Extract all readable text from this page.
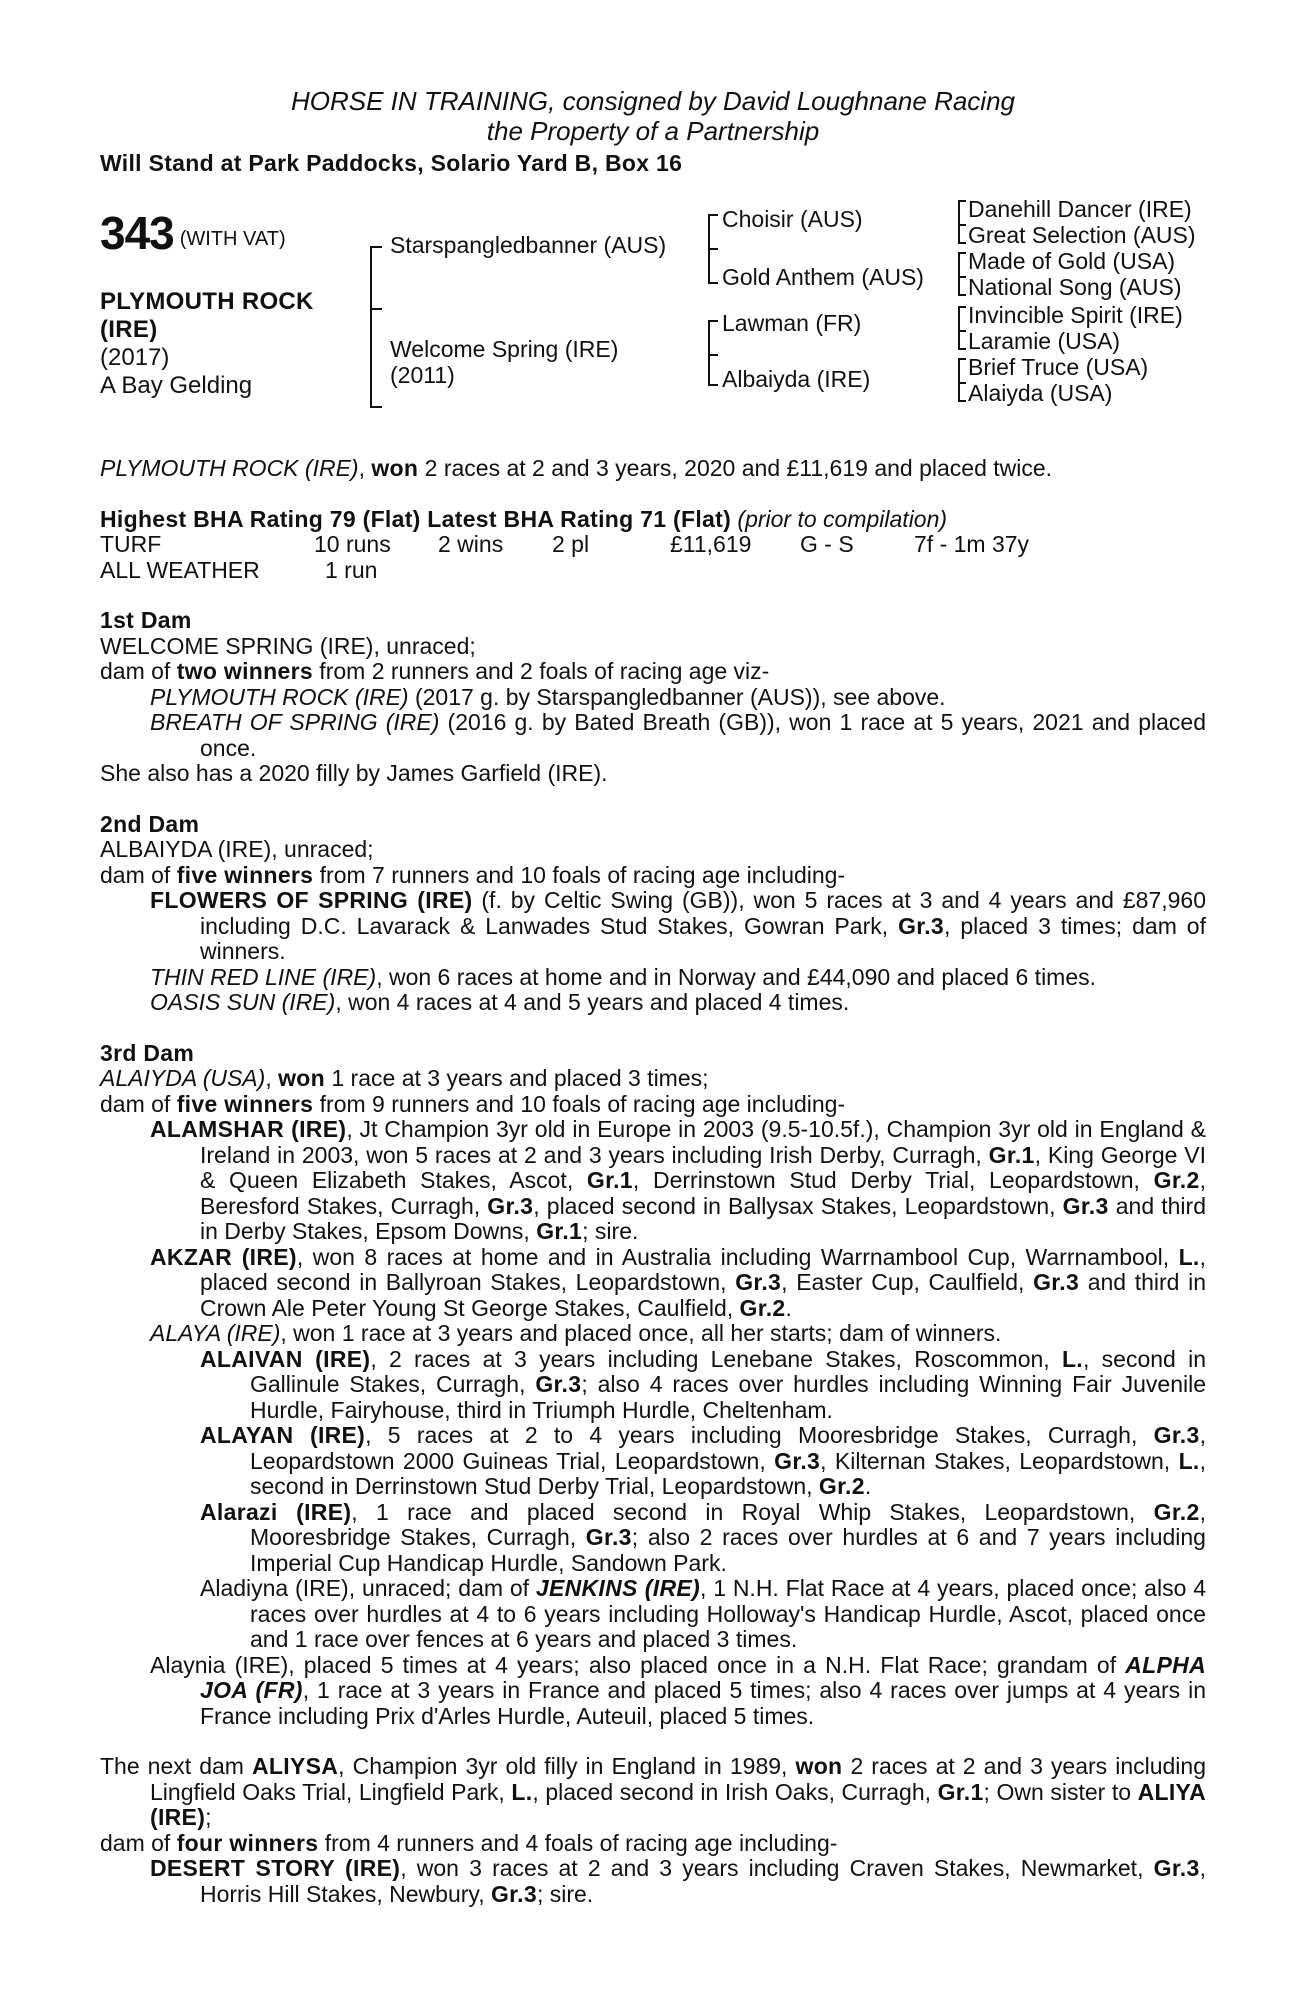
HORSE IN TRAINING, consigned by David Loughnane Racing
the Property of a Partnership
Will Stand at Park Paddocks, Solario Yard B, Box 16
343 (WITH VAT)
PLYMOUTH ROCK
(IRE)
(2017)
A Bay Gelding
Starspangledbanner (AUS)
Welcome Spring (IRE)
(2011)
Choisir (AUS)
Gold Anthem (AUS)
Lawman (FR)
Albaiyda (IRE)
Danehill Dancer (IRE)
Great Selection (AUS)
Made of Gold (USA)
National Song (AUS)
Invincible Spirit (IRE)
Laramie (USA)
Brief Truce (USA)
Alaiyda (USA)

PLYMOUTH ROCK (IRE), won 2 races at 2 and 3 years, 2020 and £11,619 and placed twice.

Highest BHA Rating 79 (Flat) Latest BHA Rating 71 (Flat) (prior to compilation)

TURF	10 runs 2 wins 2 pl	£11,619 G - S	7f - 1m 37y
ALL WEATHER	1 run

1st Dam

WELCOME SPRING (IRE), unraced;

dam of two winners from 2 runners and 2 foals of racing age viz-

PLYMOUTH ROCK (IRE) (2017 g. by Starspangledbanner (AUS)), see above.

BREATH OF SPRING (IRE) (2016 g. by Bated Breath (GB)), won 1 race at 5 years, 2021 and placed once.

She also has a 2020 filly by James Garfield (IRE).

2nd Dam

ALBAIYDA (IRE), unraced;

dam of five winners from 7 runners and 10 foals of racing age including-

FLOWERS OF SPRING (IRE) (f. by Celtic Swing (GB)), won 5 races at 3 and 4 years and £87,960 including D.C. Lavarack & Lanwades Stud Stakes, Gowran Park, Gr.3, placed 3 times; dam of winners.

THIN RED LINE (IRE), won 6 races at home and in Norway and £44,090 and placed 6 times.

OASIS SUN (IRE), won 4 races at 4 and 5 years and placed 4 times.

3rd Dam

ALAIYDA (USA), won 1 race at 3 years and placed 3 times;

dam of five winners from 9 runners and 10 foals of racing age including-

ALAMSHAR (IRE), Jt Champion 3yr old in Europe in 2003 (9.5-10.5f.), Champion 3yr old in England & Ireland in 2003, won 5 races at 2 and 3 years including Irish Derby, Curragh, Gr.1, King George VI & Queen Elizabeth Stakes, Ascot, Gr.1, Derrinstown Stud Derby Trial, Leopardstown, Gr.2, Beresford Stakes, Curragh, Gr.3, placed second in Ballysax Stakes, Leopardstown, Gr.3 and third in Derby Stakes, Epsom Downs, Gr.1; sire.

AKZAR (IRE), won 8 races at home and in Australia including Warrnambool Cup, Warrnambool, L., placed second in Ballyroan Stakes, Leopardstown, Gr.3, Easter Cup, Caulfield, Gr.3 and third in Crown Ale Peter Young St George Stakes, Caulfield, Gr.2.

ALAYA (IRE), won 1 race at 3 years and placed once, all her starts; dam of winners.

ALAIVAN (IRE), 2 races at 3 years including Lenebane Stakes, Roscommon, L., second in Gallinule Stakes, Curragh, Gr.3; also 4 races over hurdles including Winning Fair Juvenile Hurdle, Fairyhouse, third in Triumph Hurdle, Cheltenham.

ALAYAN (IRE), 5 races at 2 to 4 years including Mooresbridge Stakes, Curragh, Gr.3, Leopardstown 2000 Guineas Trial, Leopardstown, Gr.3, Kilternan Stakes, Leopardstown, L., second in Derrinstown Stud Derby Trial, Leopardstown, Gr.2.

Alarazi (IRE), 1 race and placed second in Royal Whip Stakes, Leopardstown, Gr.2, Mooresbridge Stakes, Curragh, Gr.3; also 2 races over hurdles at 6 and 7 years including Imperial Cup Handicap Hurdle, Sandown Park.

Aladiyna (IRE), unraced; dam of JENKINS (IRE), 1 N.H. Flat Race at 4 years, placed once; also 4 races over hurdles at 4 to 6 years including Holloway's Handicap Hurdle, Ascot, placed once and 1 race over fences at 6 years and placed 3 times.

Alaynia (IRE), placed 5 times at 4 years; also placed once in a N.H. Flat Race; grandam of ALPHA JOA (FR), 1 race at 3 years in France and placed 5 times; also 4 races over jumps at 4 years in France including Prix d'Arles Hurdle, Auteuil, placed 5 times.

The next dam ALIYSA, Champion 3yr old filly in England in 1989, won 2 races at 2 and 3 years including Lingfield Oaks Trial, Lingfield Park, L., placed second in Irish Oaks, Curragh, Gr.1; Own sister to ALIYA (IRE);

dam of four winners from 4 runners and 4 foals of racing age including-

DESERT STORY (IRE), won 3 races at 2 and 3 years including Craven Stakes, Newmarket, Gr.3, Horris Hill Stakes, Newbury, Gr.3; sire.
